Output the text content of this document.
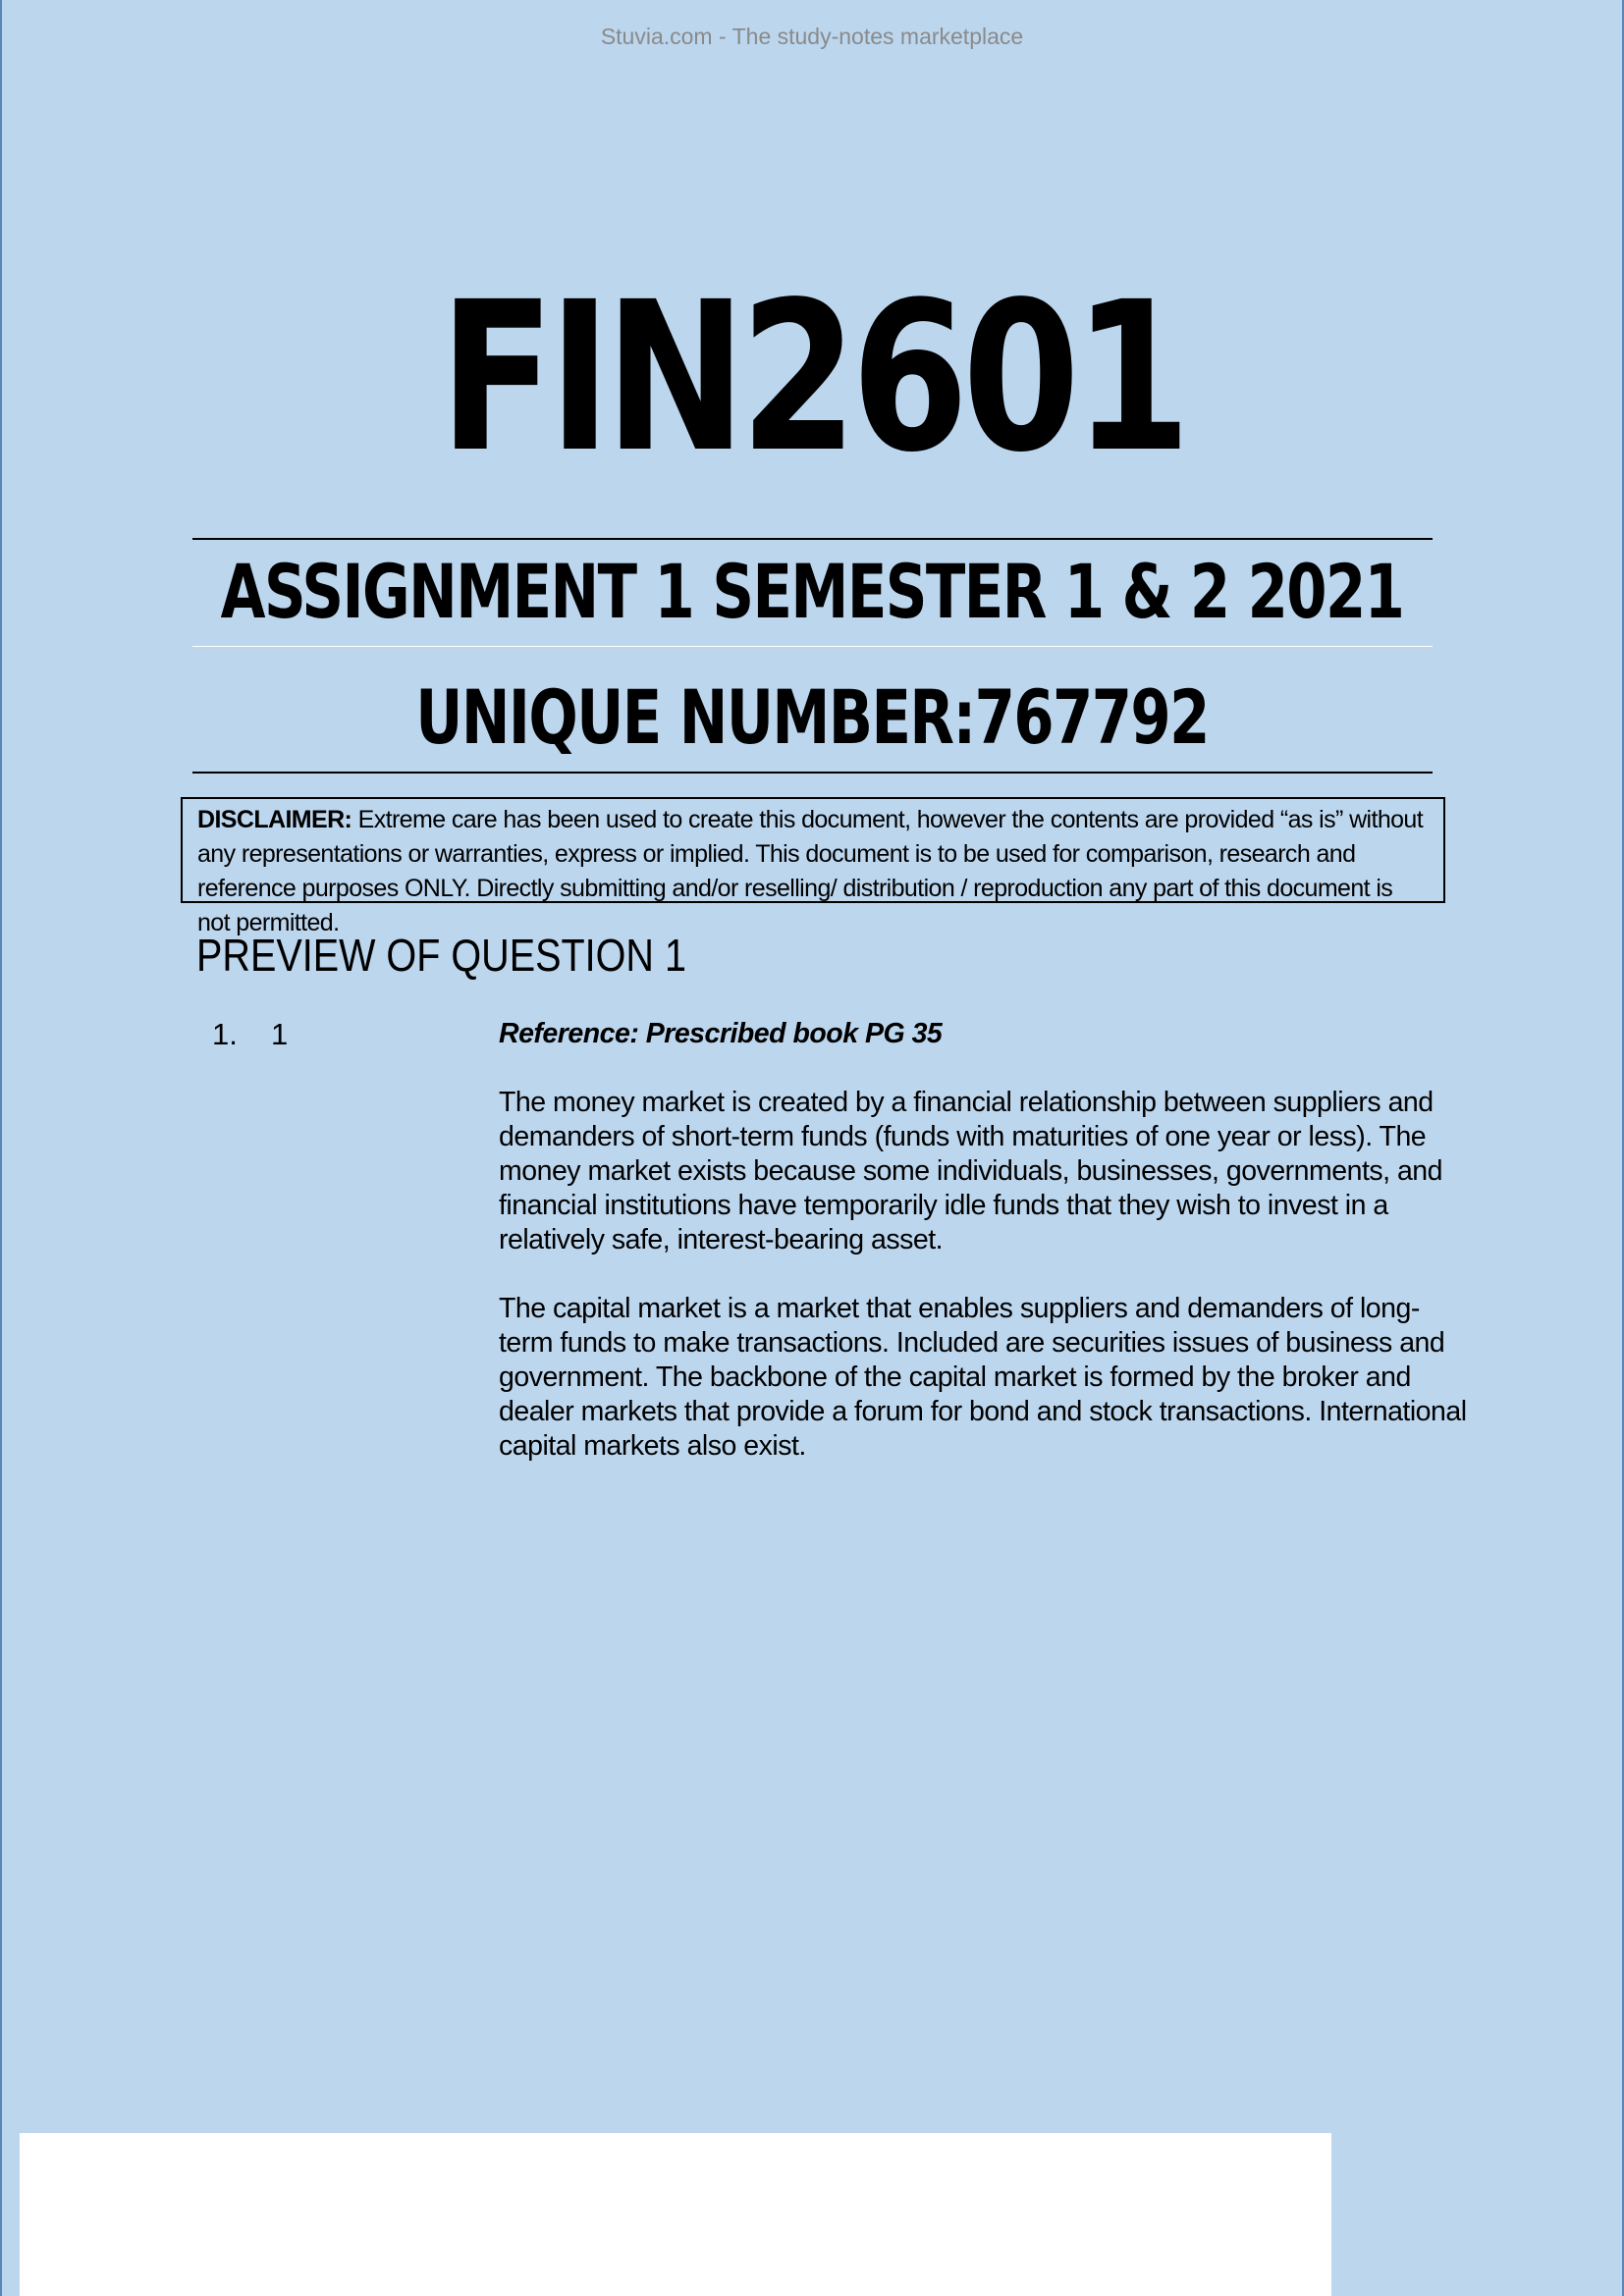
Stuvia.com - The study-notes marketplace
FIN2601
ASSIGNMENT 1 SEMESTER 1 & 2 2021
UNIQUE NUMBER:767792
DISCLAIMER: Extreme care has been used to create this document, however the contents are provided “as is” without any representations or warranties, express or implied. This document is to be used for comparison, research and reference purposes ONLY. Directly submitting and/or reselling/ distribution / reproduction any part of this document is not permitted.
PREVIEW OF QUESTION 1
1. 1	Reference: Prescribed book PG 35
The money market is created by a financial relationship between suppliers and demanders of short-term funds (funds with maturities of one year or less). The money market exists because some individuals, businesses, governments, and financial institutions have temporarily idle funds that they wish to invest in a relatively safe, interest-bearing asset.
The capital market is a market that enables suppliers and demanders of long-term funds to make transactions. Included are securities issues of business and government. The backbone of the capital market is formed by the broker and dealer markets that provide a forum for bond and stock transactions. International capital markets also exist.
